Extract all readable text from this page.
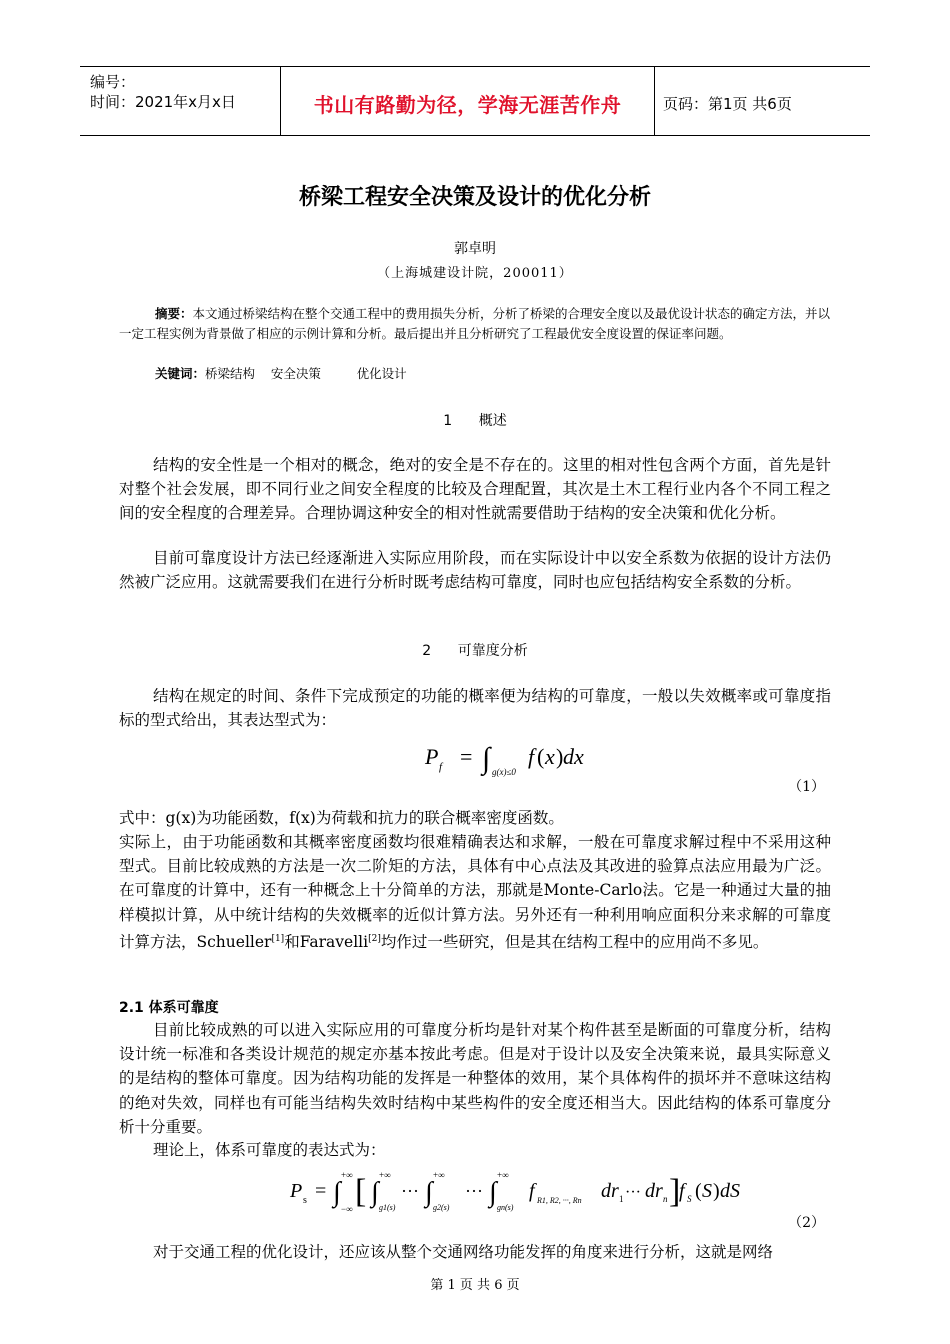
编号：
时间：2021年x月x日	书山有路勤为径，学海无涯苦作舟	页码：第1页 共6页
桥梁工程安全决策及设计的优化分析
郭卓明
（上海城建设计院，200011）
摘要：本文通过桥梁结构在整个交通工程中的费用损失分析，分析了桥梁的合理安全度以及最优设计状态的确定方法，并以一定工程实例为背景做了相应的示例计算和分析。最后提出并且分析研究了工程最优安全度设置的保证率问题。
关键词：桥梁结构    安全决策         优化设计
1      概述
结构的安全性是一个相对的概念，绝对的安全是不存在的。这里的相对性包含两个方面，首先是针对整个社会发展，即不同行业之间安全程度的比较及合理配置，其次是土木工程行业内各个不同工程之间的安全程度的合理差异。合理协调这种安全的相对性就需要借助于结构的安全决策和优化分析。
目前可靠度设计方法已经逐渐进入实际应用阶段，而在实际设计中以安全系数为依据的设计方法仍然被广泛应用。这就需要我们在进行分析时既考虑结构可靠度，同时也应包括结构安全系数的分析。
2      可靠度分析
结构在规定的时间、条件下完成预定的功能的概率便为结构的可靠度，一般以失效概率或可靠度指标的型式给出，其表达型式为：
P f = ∫ g(x)≤0
f ( x ) dx
（1）
式中：g(x)为功能函数，f(x)为荷载和抗力的联合概率密度函数。
实际上，由于功能函数和其概率密度函数均很难精确表达和求解，一般在可靠度求解过程中不采用这种型式。目前比较成熟的方法是一次二阶矩的方法，具体有中心点法及其改进的验算点法应用最为广泛。在可靠度的计算中，还有一种概念上十分简单的方法，那就是Monte-Carlo法。它是一种通过大量的抽样模拟计算，从中统计结构的失效概率的近似计算方法。另外还有一种利用响应面积分来求解的可靠度计算方法，Schueller[1]和Faravelli[2]均作过一些研究，但是其在结构工程中的应用尚不多见。
2.1 体系可靠度
目前比较成熟的可以进入实际应用的可靠度分析均是针对某个构件甚至是断面的可靠度分析，结构设计统一标准和各类设计规范的规定亦基本按此考虑。但是对于设计以及安全决策来说，最具实际意义的是结构的整体可靠度。因为结构功能的发挥是一种整体的效用，某个具体构件的损坏并不意味这结构的绝对失效，同样也有可能当结构失效时结构中某些构件的安全度还相当大。因此结构的体系可靠度分析十分重要。
理论上，体系可靠度的表达式为：
P s = ∫
+∞
−∞ [ ∫
+∞
g1(s)
··· ∫
+∞
g2(s)
··· ∫
+∞
gn(s)
f R1, R2, ···, Rn dr 1 ··· dr n ]
f S ( S ) dS
（2）
对于交通工程的优化设计，还应该从整个交通网络功能发挥的角度来进行分析，这就是网络
第 1 页 共 6 页
